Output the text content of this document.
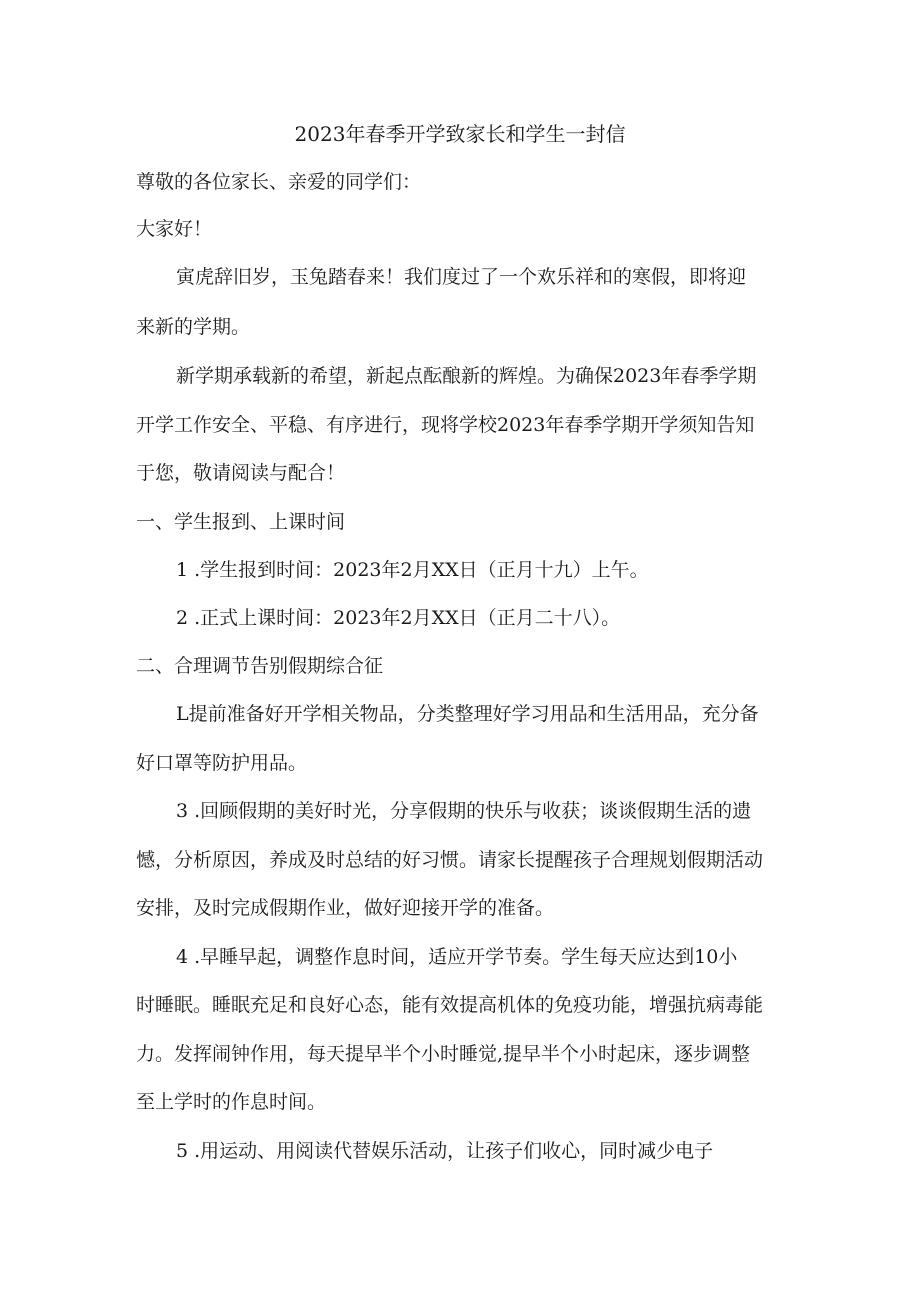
2023年春季开学致家长和学生一封信
尊敬的各位家长、亲爱的同学们：
大家好！
寅虎辞旧岁，玉兔踏春来！我们度过了一个欢乐祥和的寒假，即将迎
来新的学期。
新学期承载新的希望，新起点酝酿新的辉煌。为确保2023年春季学期
开学工作安全、平稳、有序进行，现将学校2023年春季学期开学须知告知
于您，敬请阅读与配合！
一、学生报到、上课时间
1 .学生报到时间：2023年2月XX日（正月十九）上午。
2 .正式上课时间：2023年2月XX日（正月二十八）。
二、合理调节告别假期综合征
L提前准备好开学相关物品，分类整理好学习用品和生活用品，充分备
好口罩等防护用品。
3 .回顾假期的美好时光，分享假期的快乐与收获；谈谈假期生活的遗
憾，分析原因，养成及时总结的好习惯。请家长提醒孩子合理规划假期活动
安排，及时完成假期作业，做好迎接开学的准备。
4 .早睡早起，调整作息时间，适应开学节奏。学生每天应达到10小
时睡眠。睡眠充足和良好心态，能有效提高机体的免疫功能，增强抗病毒能
力。发挥闹钟作用，每天提早半个小时睡觉,提早半个小时起床，逐步调整
至上学时的作息时间。
5 .用运动、用阅读代替娱乐活动，让孩子们收心，同时减少电子
